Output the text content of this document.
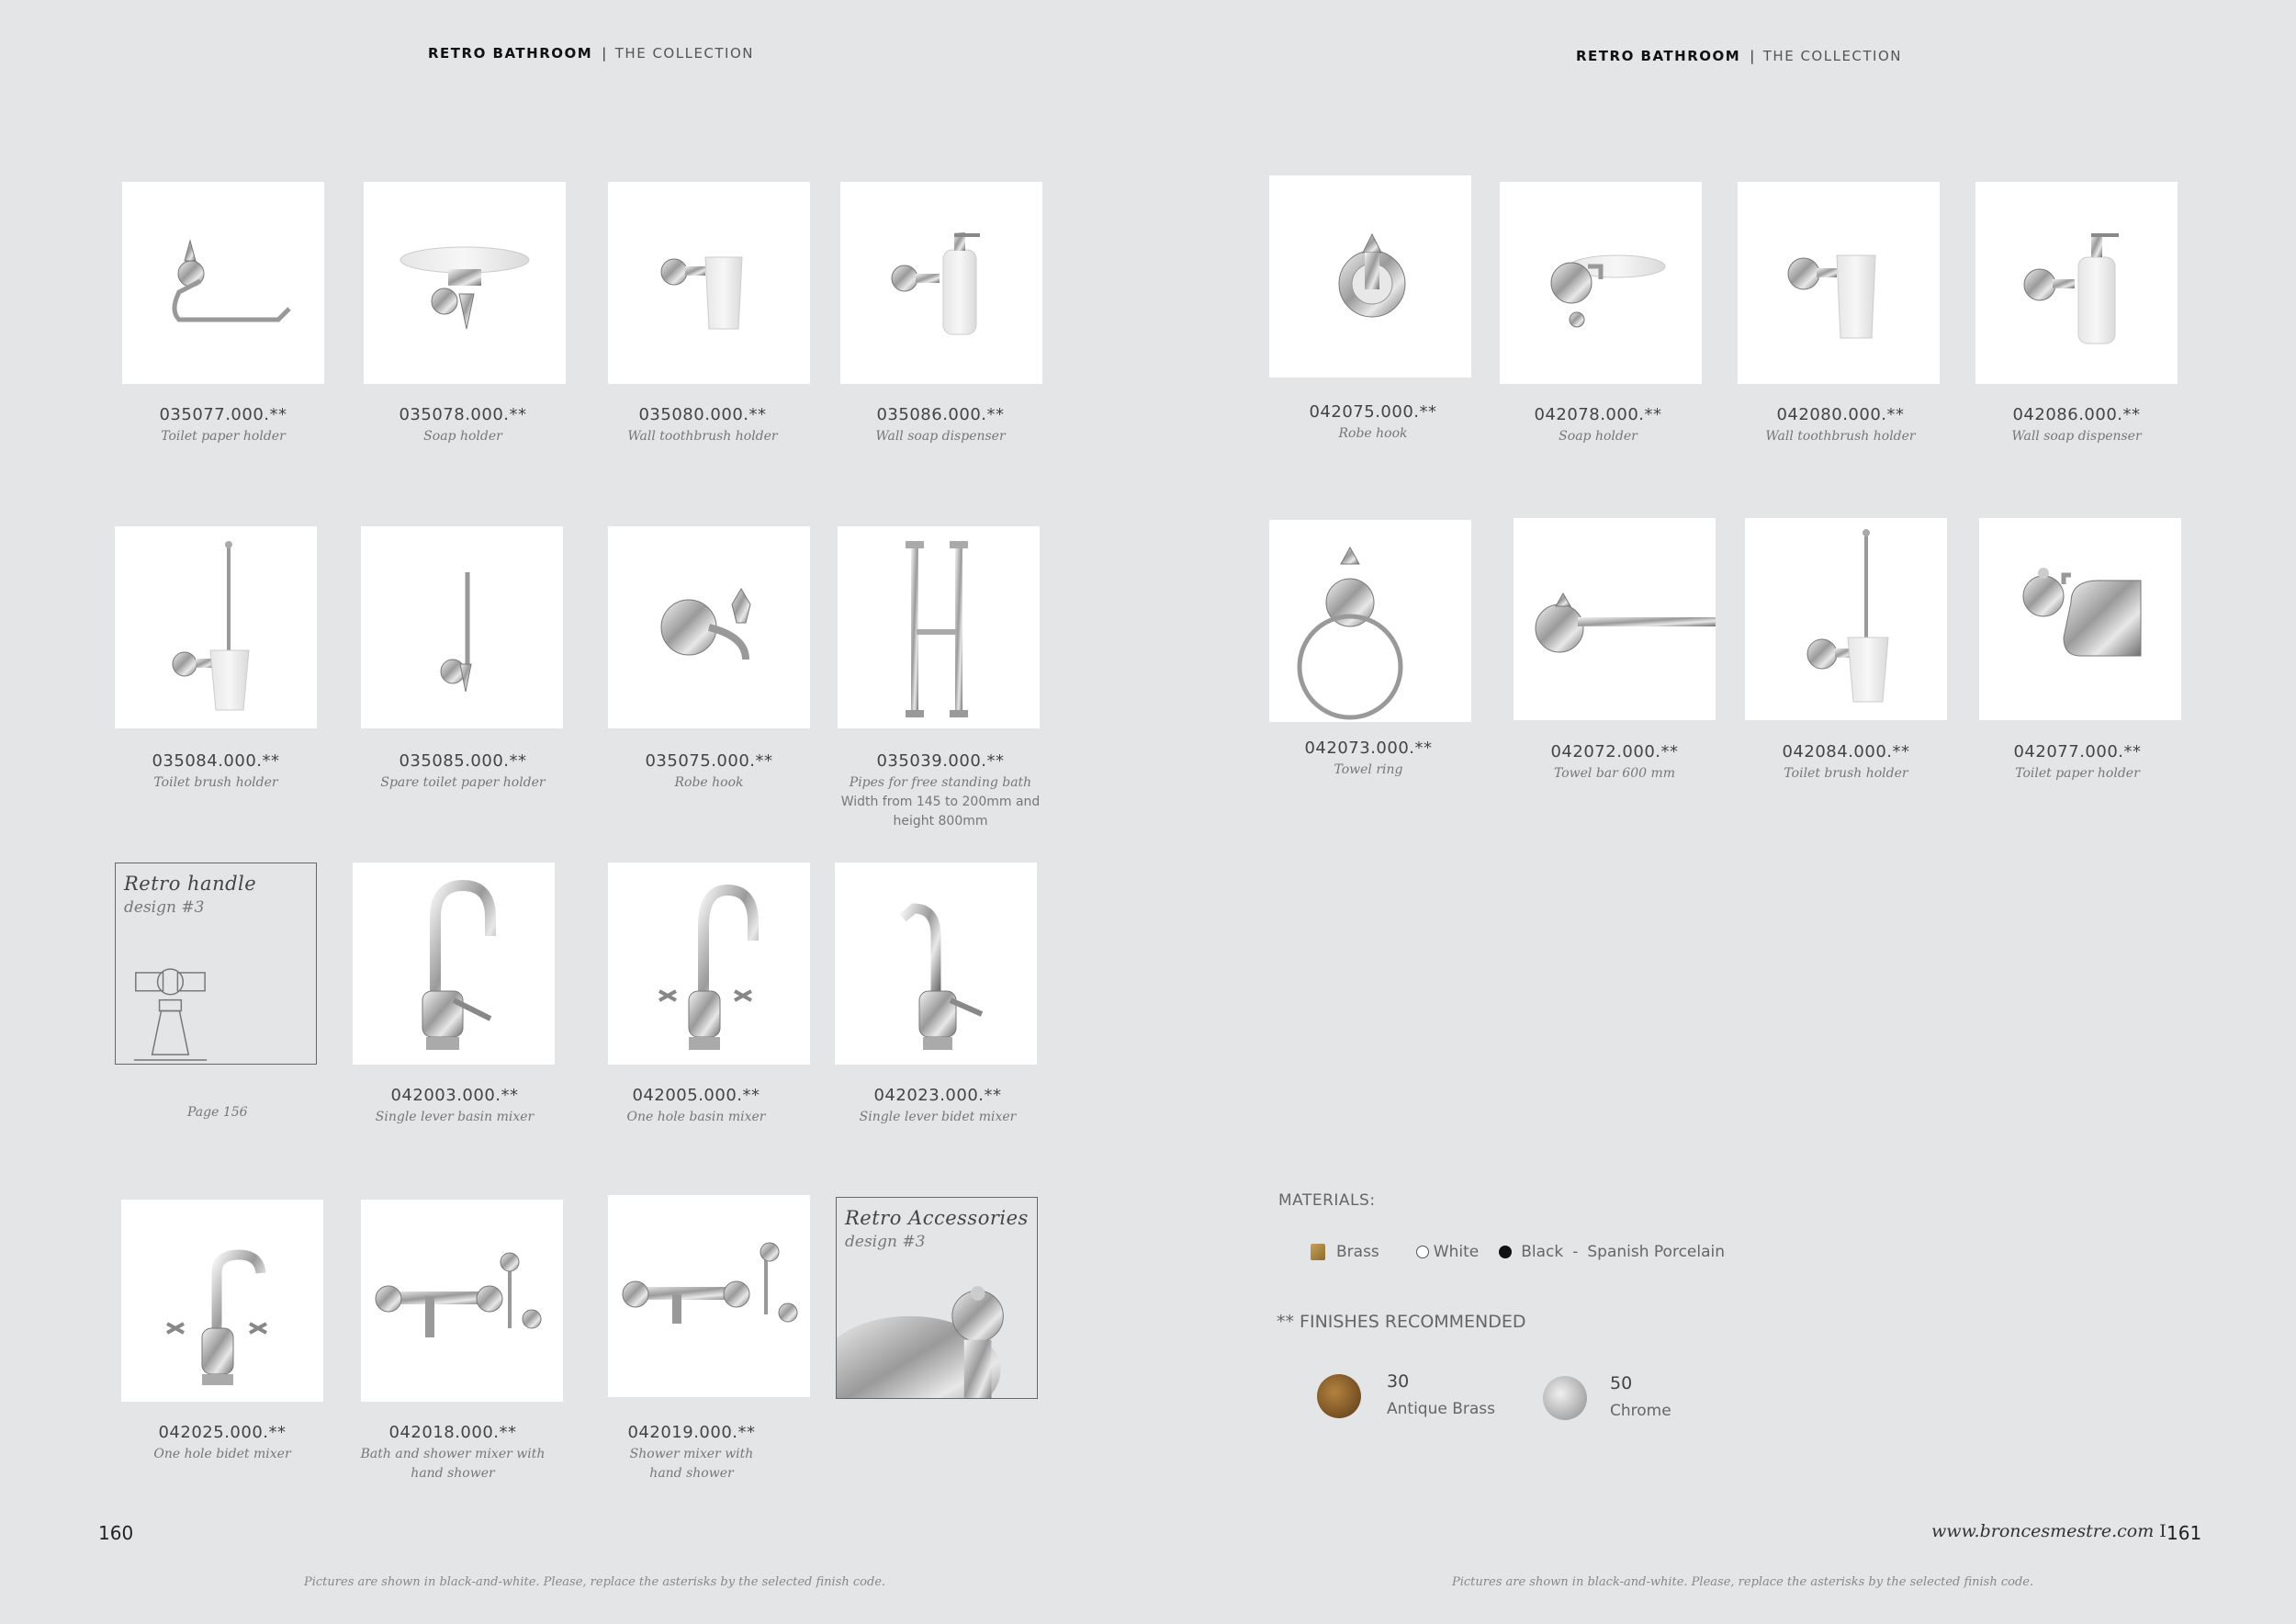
RETRO BATHROOM | THE COLLECTION	RETRO BATHROOM | THE COLLECTION
Retro handle
design #3
Retro Accessories
design #3
035077.000.**
Toilet paper holder
035078.000.**
Soap holder
035080.000.**
Wall toothbrush holder
035086.000.**
Wall soap dispenser
035084.000.**
Toilet brush holder
035085.000.**
Spare toilet paper holder
035075.000.**
Robe hook
035039.000.**
Pipes for free standing bath
Width from 145 to 200mm and
height 800mm
Page 156
042003.000.**
Single lever basin mixer
042005.000.**
One hole basin mixer
042023.000.**
Single lever bidet mixer
042025.000.**
One hole bidet mixer
042018.000.**
Bath and shower mixer with
hand shower
042019.000.**
Shower mixer with
hand shower
160
Pictures are shown in black-and-white. Please, replace the asterisks by the selected finish code.
042075.000.**
Robe hook
042078.000.**
Soap holder
042080.000.**
Wall toothbrush holder
042086.000.**
Wall soap dispenser
042073.000.**
Towel ring
042072.000.**
Towel bar 600 mm
042084.000.**
Toilet brush holder
042077.000.**
Toilet paper holder
MATERIALS:
Brass	White	Black - Spanish Porcelain
** FINISHES RECOMMENDED
30
Antique Brass
50
Chrome
www.broncesmestre.com I 161
Pictures are shown in black-and-white. Please, replace the asterisks by the selected finish code.
